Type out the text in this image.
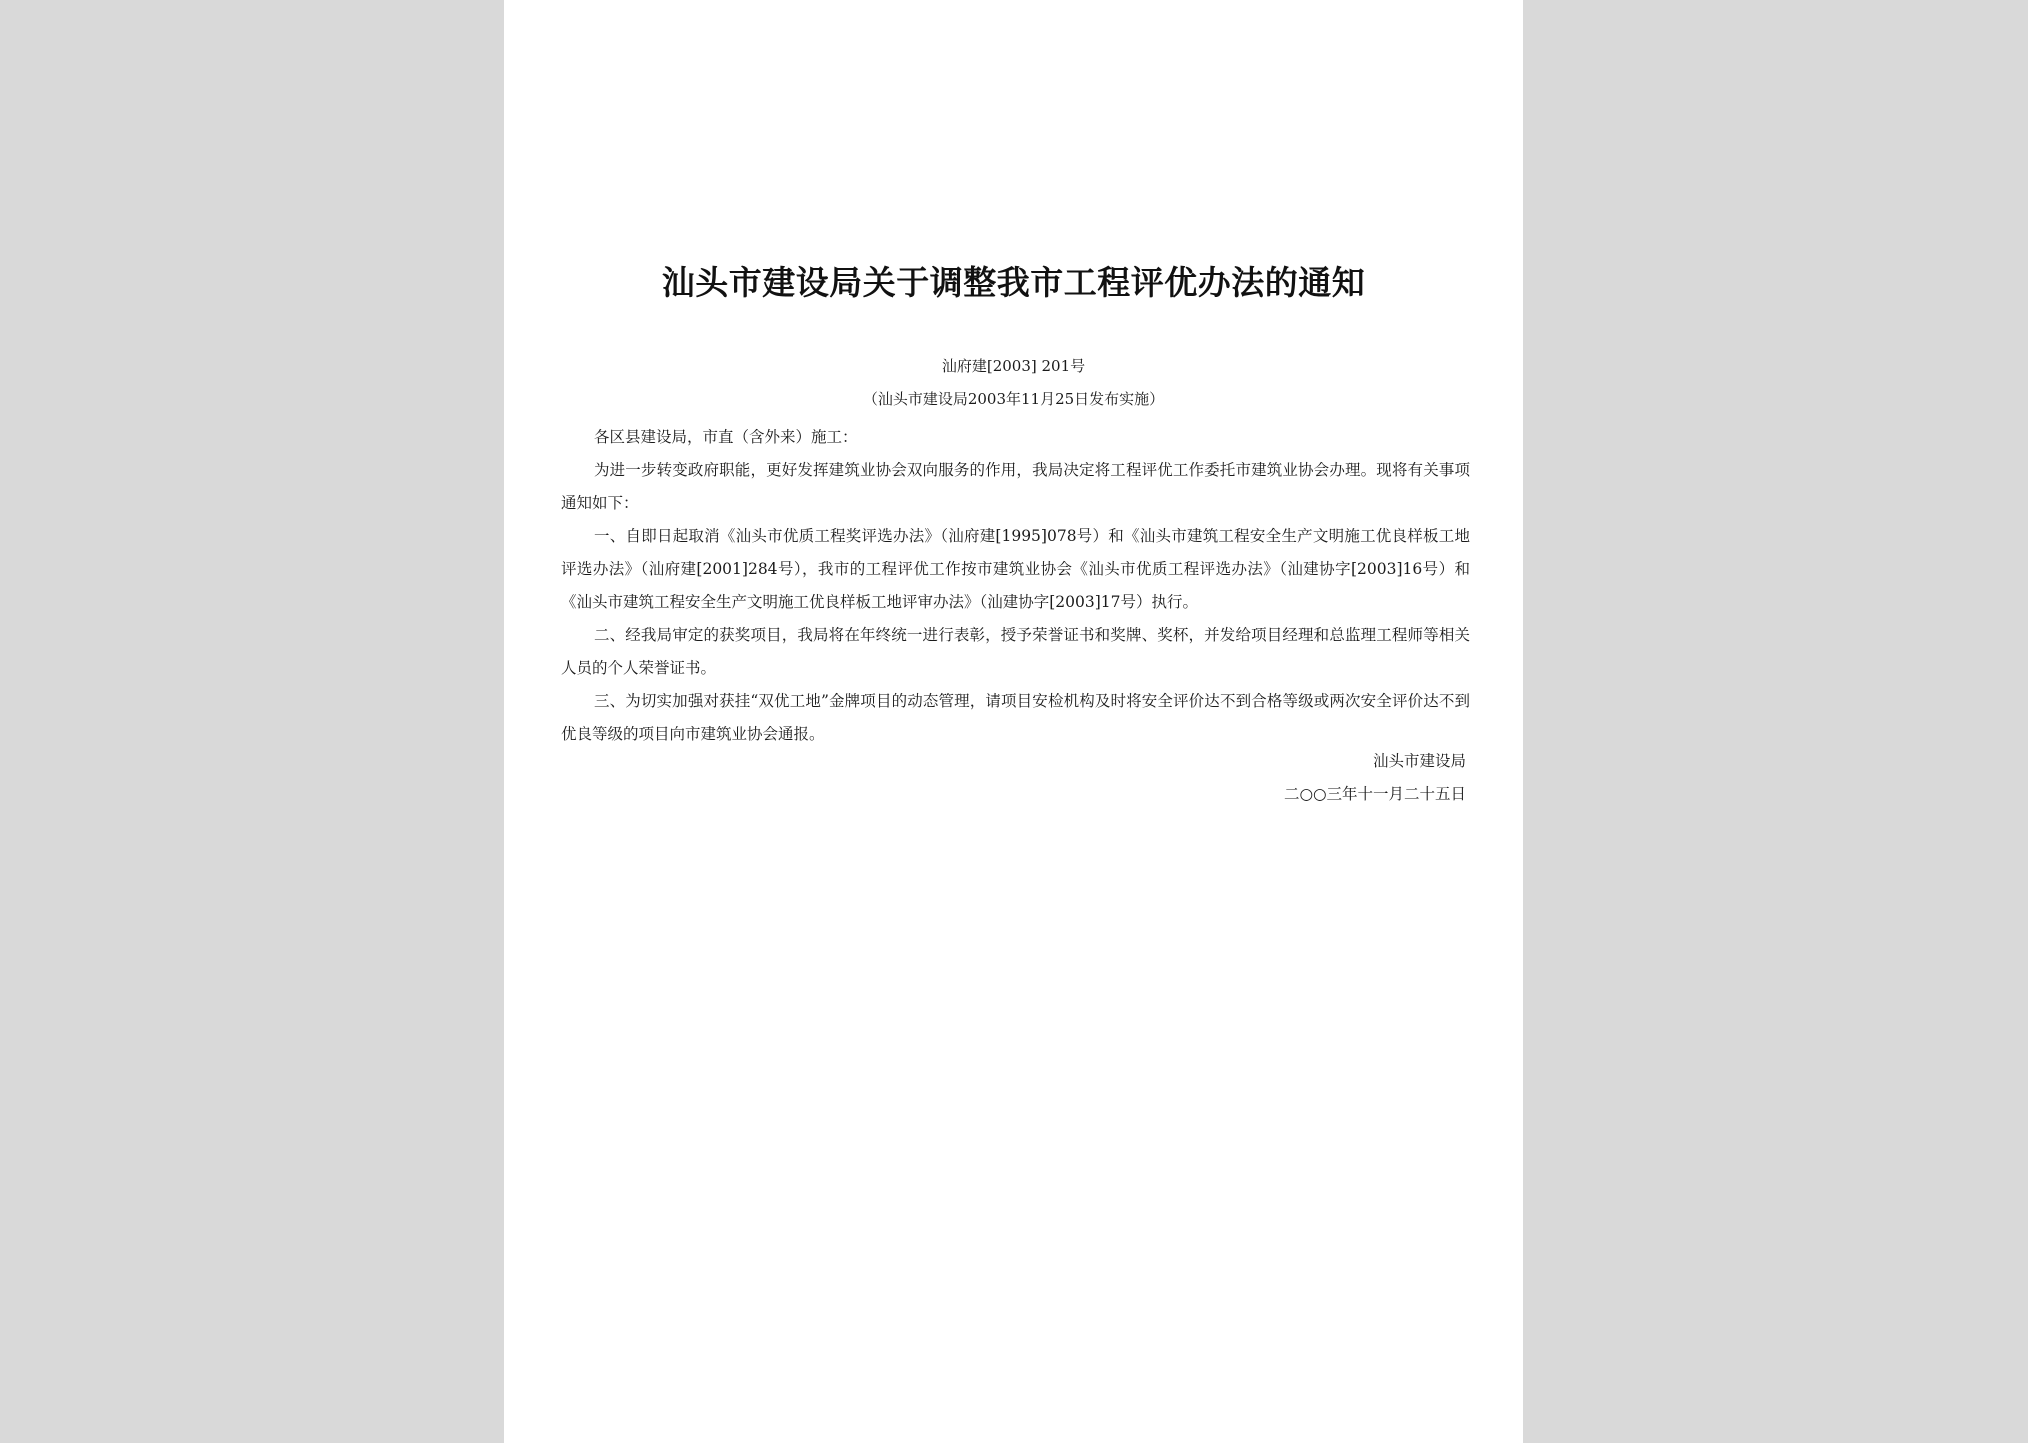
汕头市建设局关于调整我市工程评优办法的通知
汕府建[2003] 201号
（汕头市建设局2003年11月25日发布实施）

各区县建设局，市直（含外来）施工：

为进一步转变政府职能，更好发挥建筑业协会双向服务的作用，我局决定将工程评优工作委托市建筑业协会办理。现将有关事项通知如下：

一、自即日起取消《汕头市优质工程奖评选办法》（汕府建[1995]078号）和《汕头市建筑工程安全生产文明施工优良样板工地评选办法》（汕府建[2001]284号），我市的工程评优工作按市建筑业协会《汕头市优质工程评选办法》（汕建协字[2003]16号）和《汕头市建筑工程安全生产文明施工优良样板工地评审办法》（汕建协字[2003]17号）执行。

二、经我局审定的获奖项目，我局将在年终统一进行表彰，授予荣誉证书和奖牌、奖杯，并发给项目经理和总监理工程师等相关人员的个人荣誉证书。

三、为切实加强对获挂“双优工地”金牌项目的动态管理，请项目安检机构及时将安全评价达不到合格等级或两次安全评价达不到优良等级的项目向市建筑业协会通报。

汕头市建设局
二○○三年十一月二十五日
